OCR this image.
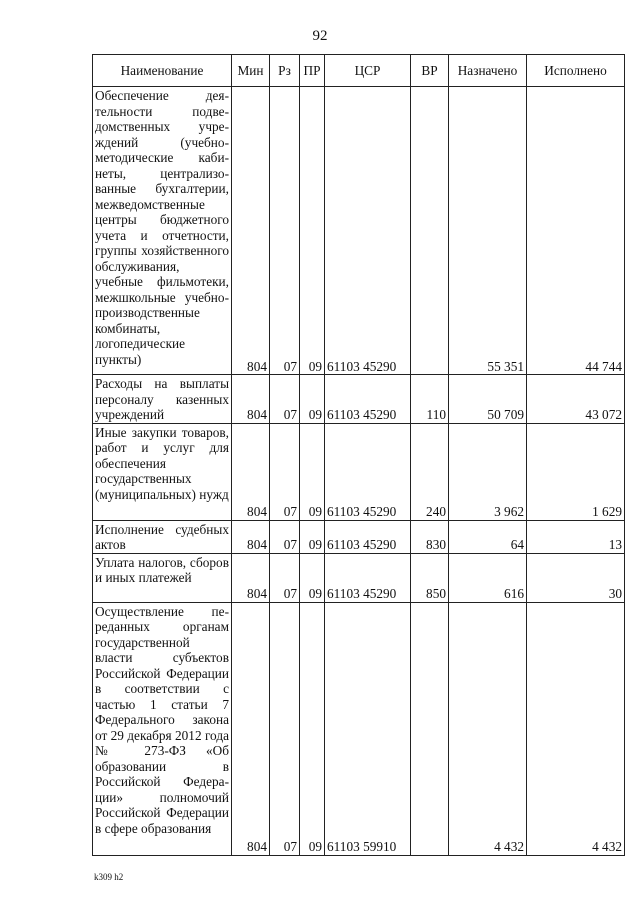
92
Наименование	Мин	Рз	ПР	ЦСР	ВР	Назначено	Исполнено
Обеспечение деятельности подведомственных учреждений (учебно-методические кабинеты, централизованные бухгалтерии, межведомственные центры бюджетного учета и отчетности, группы хозяйственного обслуживания, учебные фильмотеки, межшкольные учебно-производственные комбинаты, логопедические пункты)	804	07	09	61103 45290		55 351	44 744
Расходы на выплаты персоналу казенных учреждений	804	07	09	61103 45290	110	50 709	43 072
Иные закупки товаров, работ и услуг для обеспечения государственных (муниципальных) нужд	804	07	09	61103 45290	240	3 962	1 629
Исполнение судебных актов	804	07	09	61103 45290	830	64	13
Уплата налогов, сборов и иных платежей	804	07	09	61103 45290	850	616	30
Осуществление переданных органам государственной власти субъектов Российской Федерации в соответствии с частью 1 статьи 7 Федерального закона от 29 декабря 2012 года № 273-ФЗ «Об образовании в Российской Федерации» полномочий Российской Федерации в сфере образования	804	07	09	61103 59910		4 432	4 432
k309 h2
